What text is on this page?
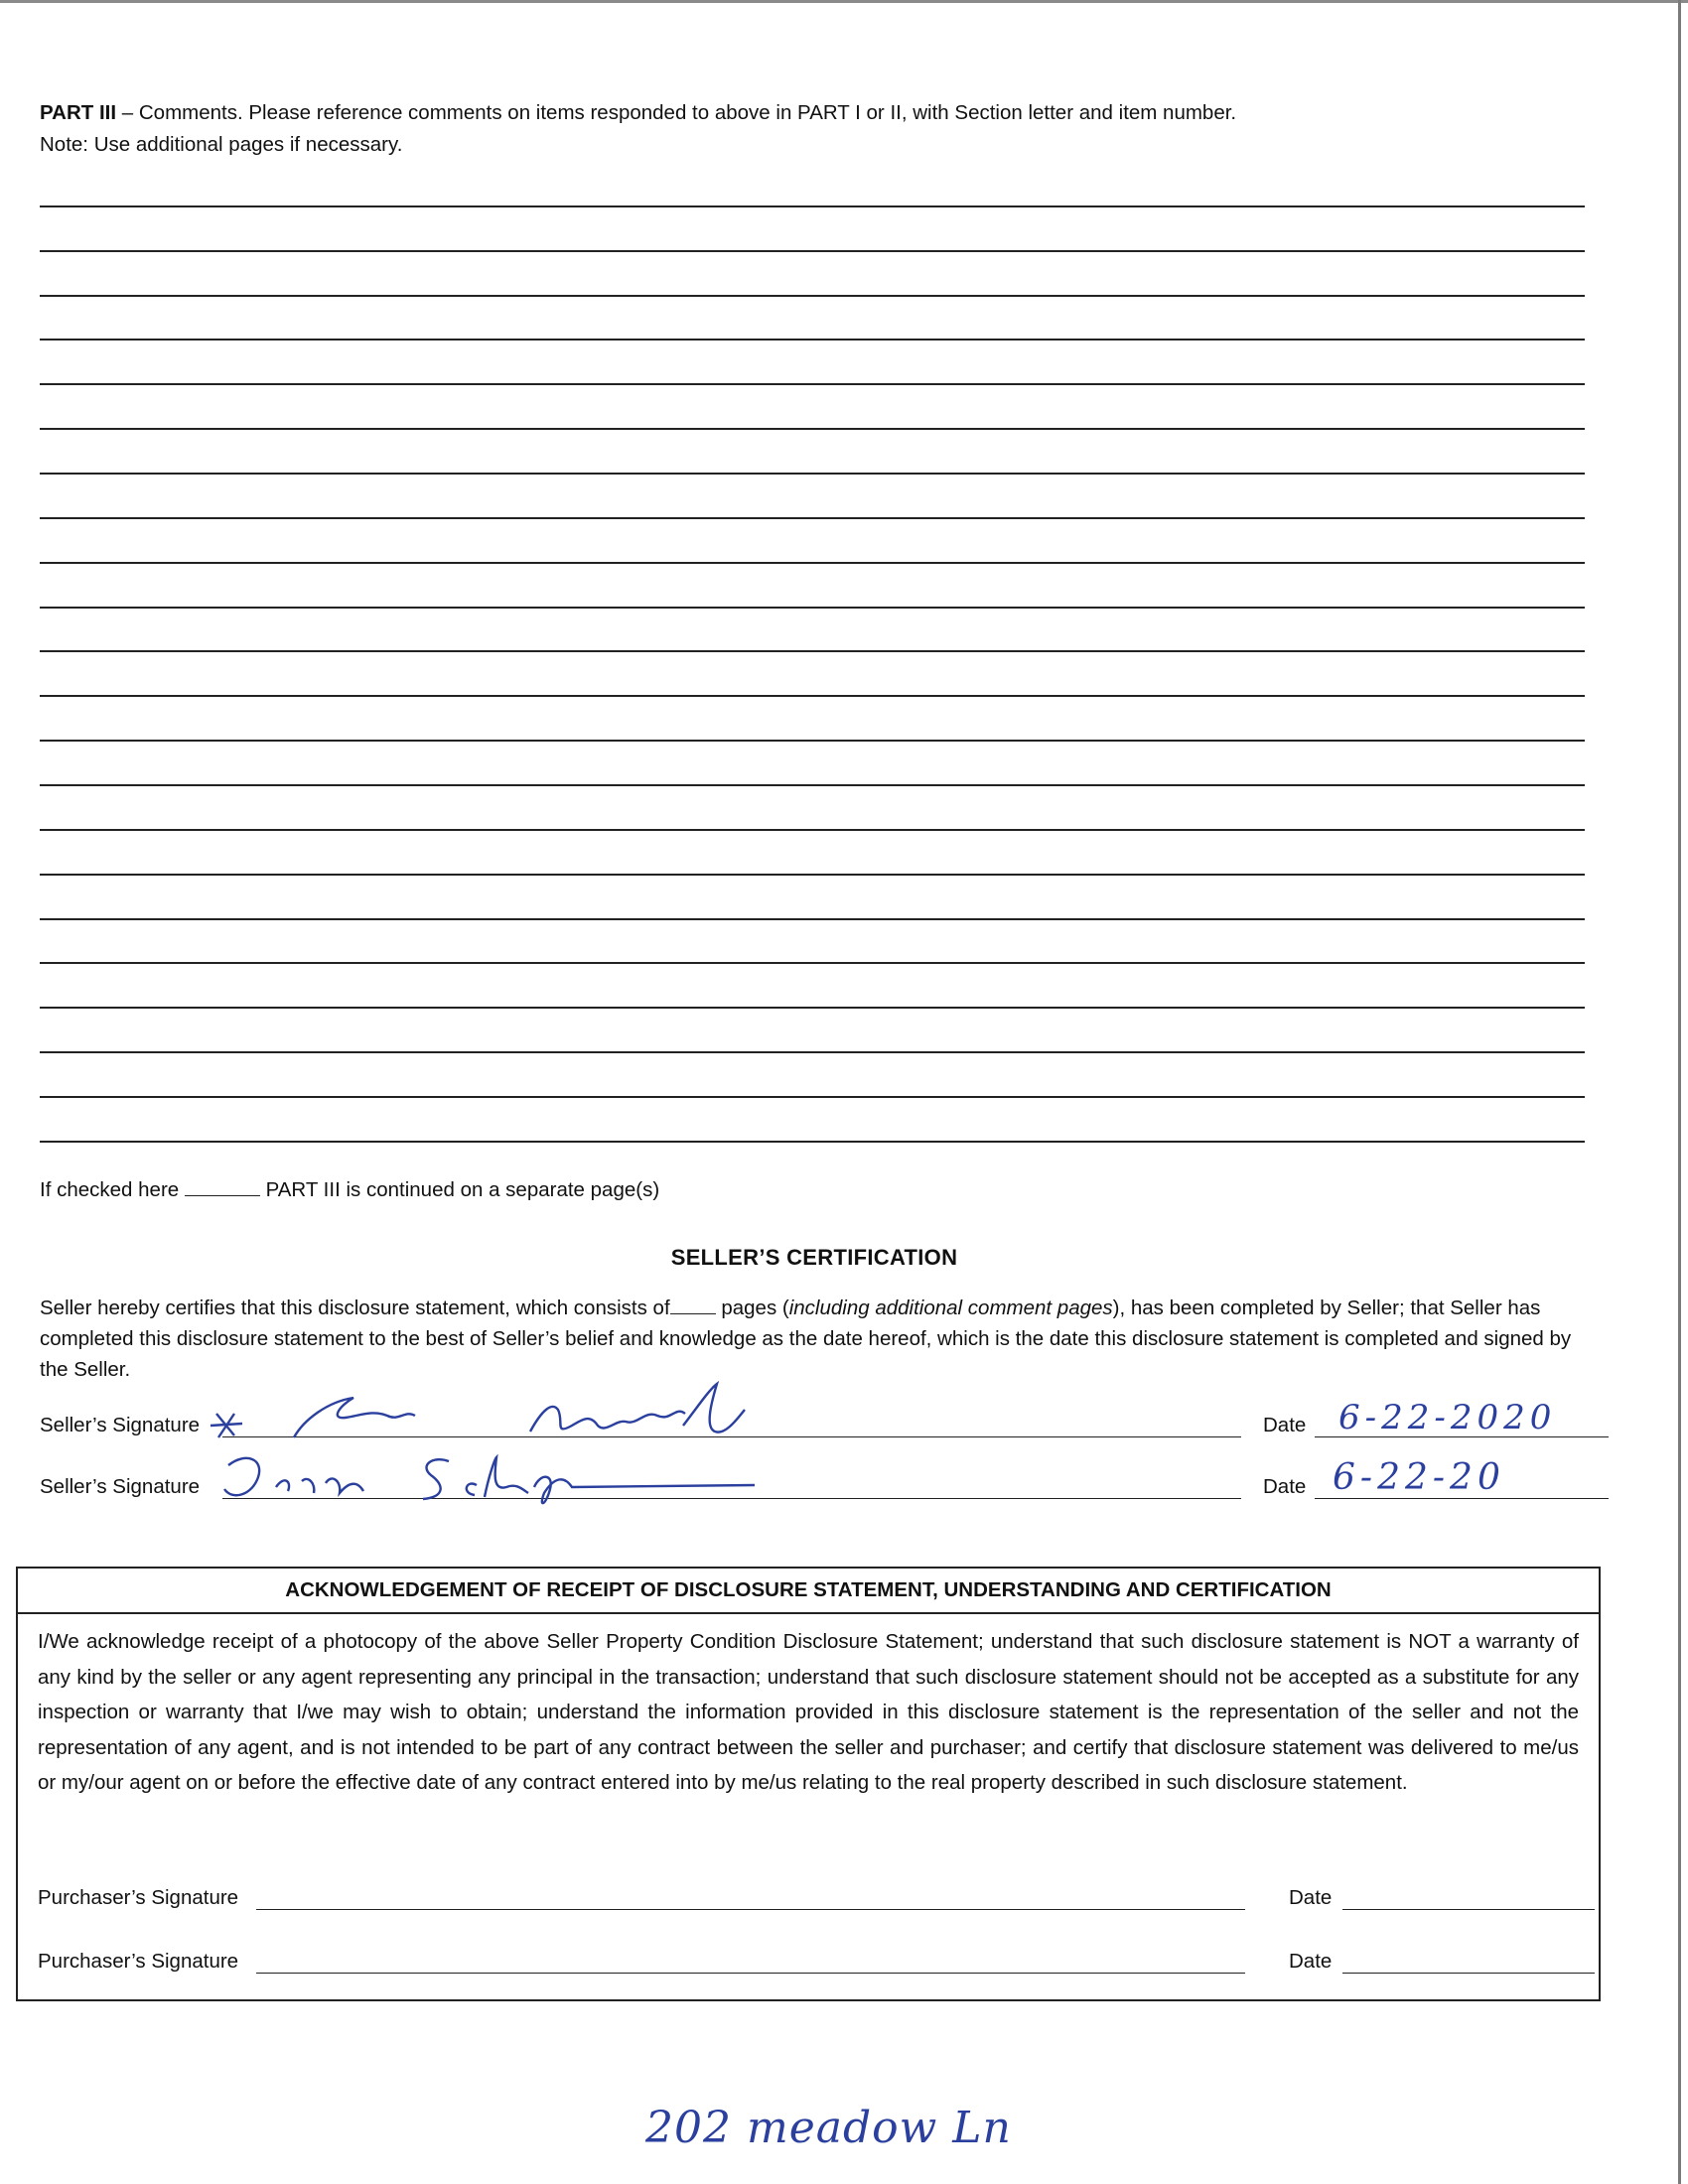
PART III – Comments. Please reference comments on items responded to above in PART I or II, with Section letter and item number.
Note: Use additional pages if necessary.
If checked here	PART III is continued on a separate page(s)
SELLER’S CERTIFICATION
Seller hereby certifies that this disclosure statement, which consists of pages (including additional comment pages), has been completed by Seller; that Seller has completed this disclosure statement to the best of Seller’s belief and knowledge as the date hereof, which is the date this disclosure statement is completed and signed by the Seller.
Seller’s Signature	Date 6-22-2020
Seller’s Signature	Date 6-22-20
ACKNOWLEDGEMENT OF RECEIPT OF DISCLOSURE STATEMENT, UNDERSTANDING AND CERTIFICATION
I/We acknowledge receipt of a photocopy of the above Seller Property Condition Disclosure Statement; understand that such disclosure statement is NOT a warranty of any kind by the seller or any agent representing any principal in the transaction; understand that such disclosure statement should not be accepted as a substitute for any inspection or warranty that I/we may wish to obtain; understand the information provided in this disclosure statement is the representation of the seller and not the representation of any agent, and is not intended to be part of any contract between the seller and purchaser; and certify that disclosure statement was delivered to me/us or my/our agent on or before the effective date of any contract entered into by me/us relating to the real property described in such disclosure statement.
Purchaser’s Signature	Date
Purchaser’s Signature	Date
202 meadow Ln
